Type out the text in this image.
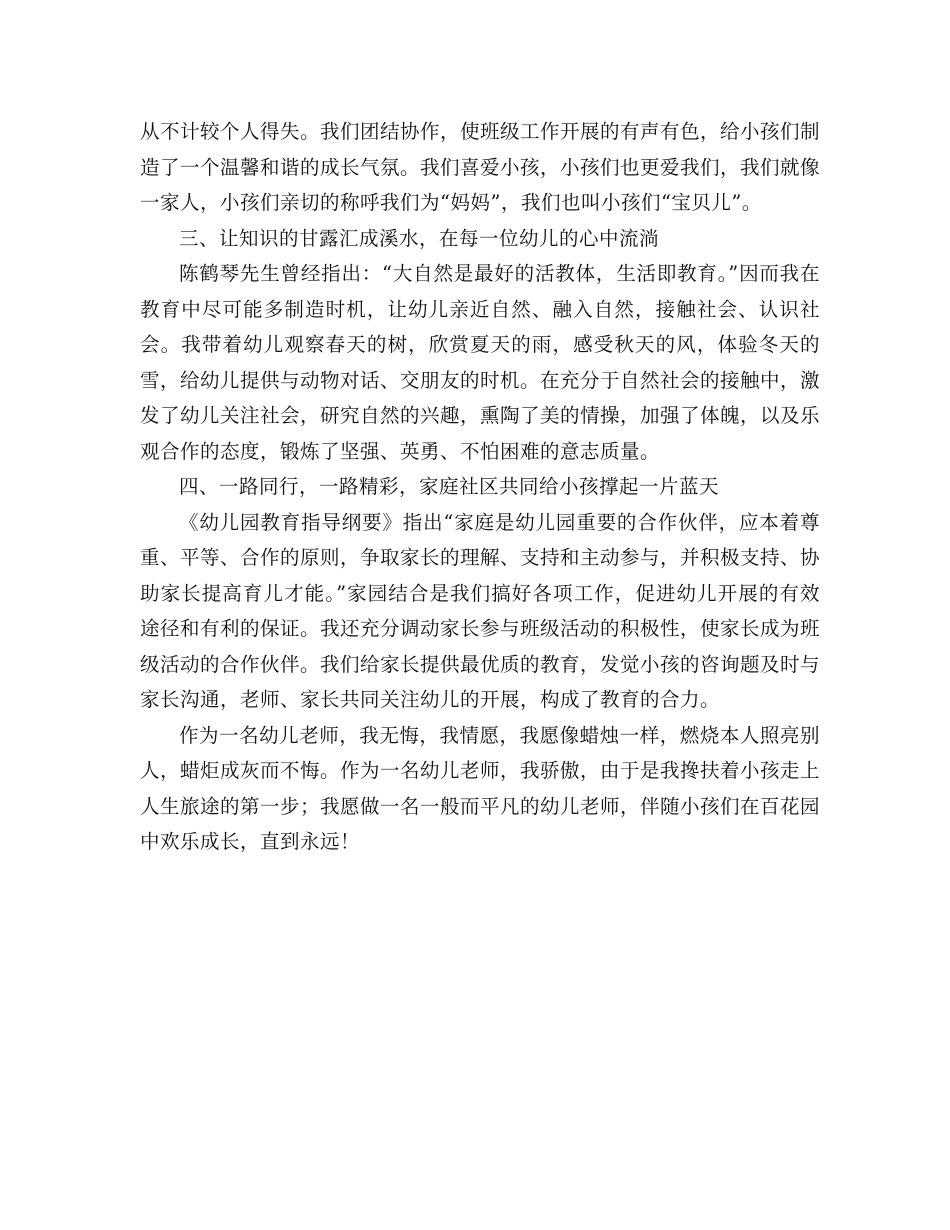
从不计较个人得失。我们团结协作，使班级工作开展的有声有色，给小孩们制造了一个温馨和谐的成长气氛。我们喜爱小孩，小孩们也更爱我们，我们就像一家人，小孩们亲切的称呼我们为“妈妈”，我们也叫小孩们“宝贝儿”。

三、让知识的甘露汇成溪水，在每一位幼儿的心中流淌

陈鹤琴先生曾经指出：“大自然是最好的活教体，生活即教育。”因而我在教育中尽可能多制造时机，让幼儿亲近自然、融入自然，接触社会、认识社会。我带着幼儿观察春天的树，欣赏夏天的雨，感受秋天的风，体验冬天的雪，给幼儿提供与动物对话、交朋友的时机。在充分于自然社会的接触中，激发了幼儿关注社会，研究自然的兴趣，熏陶了美的情操，加强了体魄，以及乐观合作的态度，锻炼了坚强、英勇、不怕困难的意志质量。

四、一路同行，一路精彩，家庭社区共同给小孩撑起一片蓝天

《幼儿园教育指导纲要》指出“家庭是幼儿园重要的合作伙伴，应本着尊重、平等、合作的原则，争取家长的理解、支持和主动参与，并积极支持、协助家长提高育儿才能。”家园结合是我们搞好各项工作，促进幼儿开展的有效途径和有利的保证。我还充分调动家长参与班级活动的积极性，使家长成为班级活动的合作伙伴。我们给家长提供最优质的教育，发觉小孩的咨询题及时与家长沟通，老师、家长共同关注幼儿的开展，构成了教育的合力。

作为一名幼儿老师，我无悔，我情愿，我愿像蜡烛一样，燃烧本人照亮别人，蜡炬成灰而不悔。作为一名幼儿老师，我骄傲，由于是我搀扶着小孩走上人生旅途的第一步；我愿做一名一般而平凡的幼儿老师，伴随小孩们在百花园中欢乐成长，直到永远！
